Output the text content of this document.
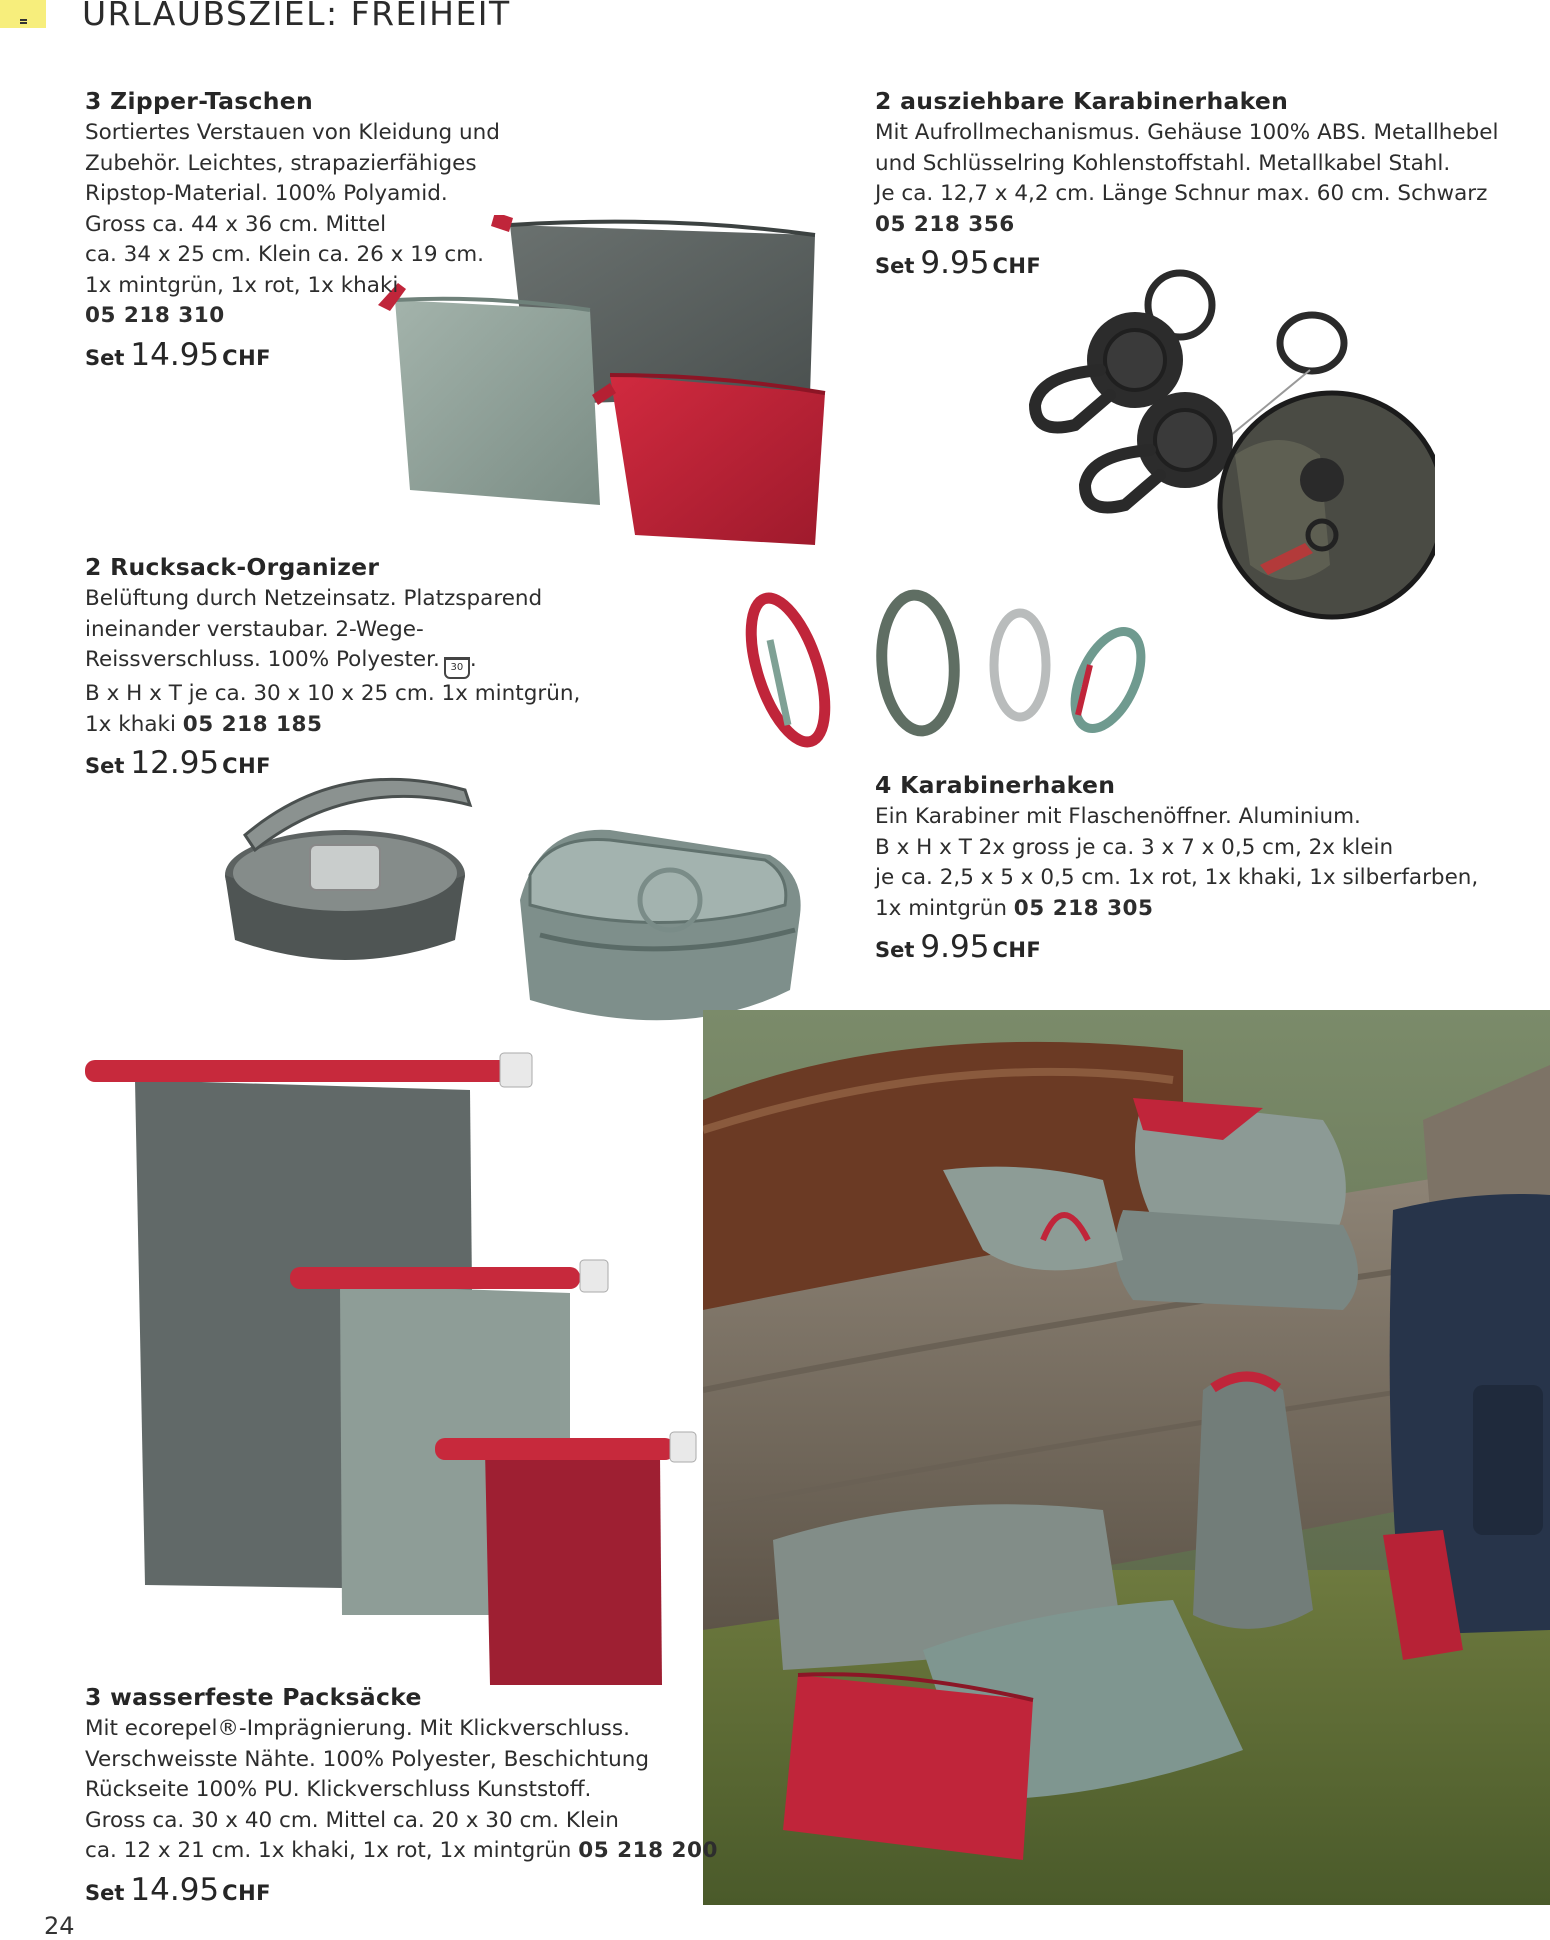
URLAUBSZIEL: FREIHEIT
3 Zipper-Taschen

Sortiertes Verstauen von Kleidung und
Zubehör. Leichtes, strapazierfähiges
Ripstop-Material. 100% Polyamid.
Gross ca. 44 x 36 cm. Mittel
ca. 34 x 25 cm. Klein ca. 26 x 19 cm.
1x mintgrün, 1x rot, 1x khaki

05 218 310
Set 14.95 CHF
2 ausziehbare Karabinerhaken

Mit Aufrollmechanismus. Gehäuse 100% ABS. Metallhebel
und Schlüsselring Kohlenstoffstahl. Metallkabel Stahl.
Je ca. 12,7 x 4,2 cm. Länge Schnur max. 60 cm. Schwarz

05 218 356
Set 9.95 CHF
2 Rucksack-Organizer

Belüftung durch Netzeinsatz. Platzsparend
ineinander verstaubar. 2-Wege-
Reissverschluss. 100% Polyester. 30 .
B x H x T je ca. 30 x 10 x 25 cm. 1x mintgrün,
1x khaki 05 218 185

Set 12.95 CHF
4 Karabinerhaken

Ein Karabiner mit Flaschenöffner. Aluminium.
B x H x T 2x gross je ca. 3 x 7 x 0,5 cm, 2x klein
je ca. 2,5 x 5 x 0,5 cm. 1x rot, 1x khaki, 1x silberfarben,
1x mintgrün 05 218 305

Set 9.95 CHF
3 wasserfeste Packsäcke

Mit ecorepel®-Imprägnierung. Mit Klickverschluss.
Verschweisste Nähte. 100% Polyester, Beschichtung
Rückseite 100% PU. Klickverschluss Kunststoff.
Gross ca. 30 x 40 cm. Mittel ca. 20 x 30 cm. Klein
ca. 12 x 21 cm. 1x khaki, 1x rot, 1x mintgrün 05 218 200

Set 14.95 CHF
24
